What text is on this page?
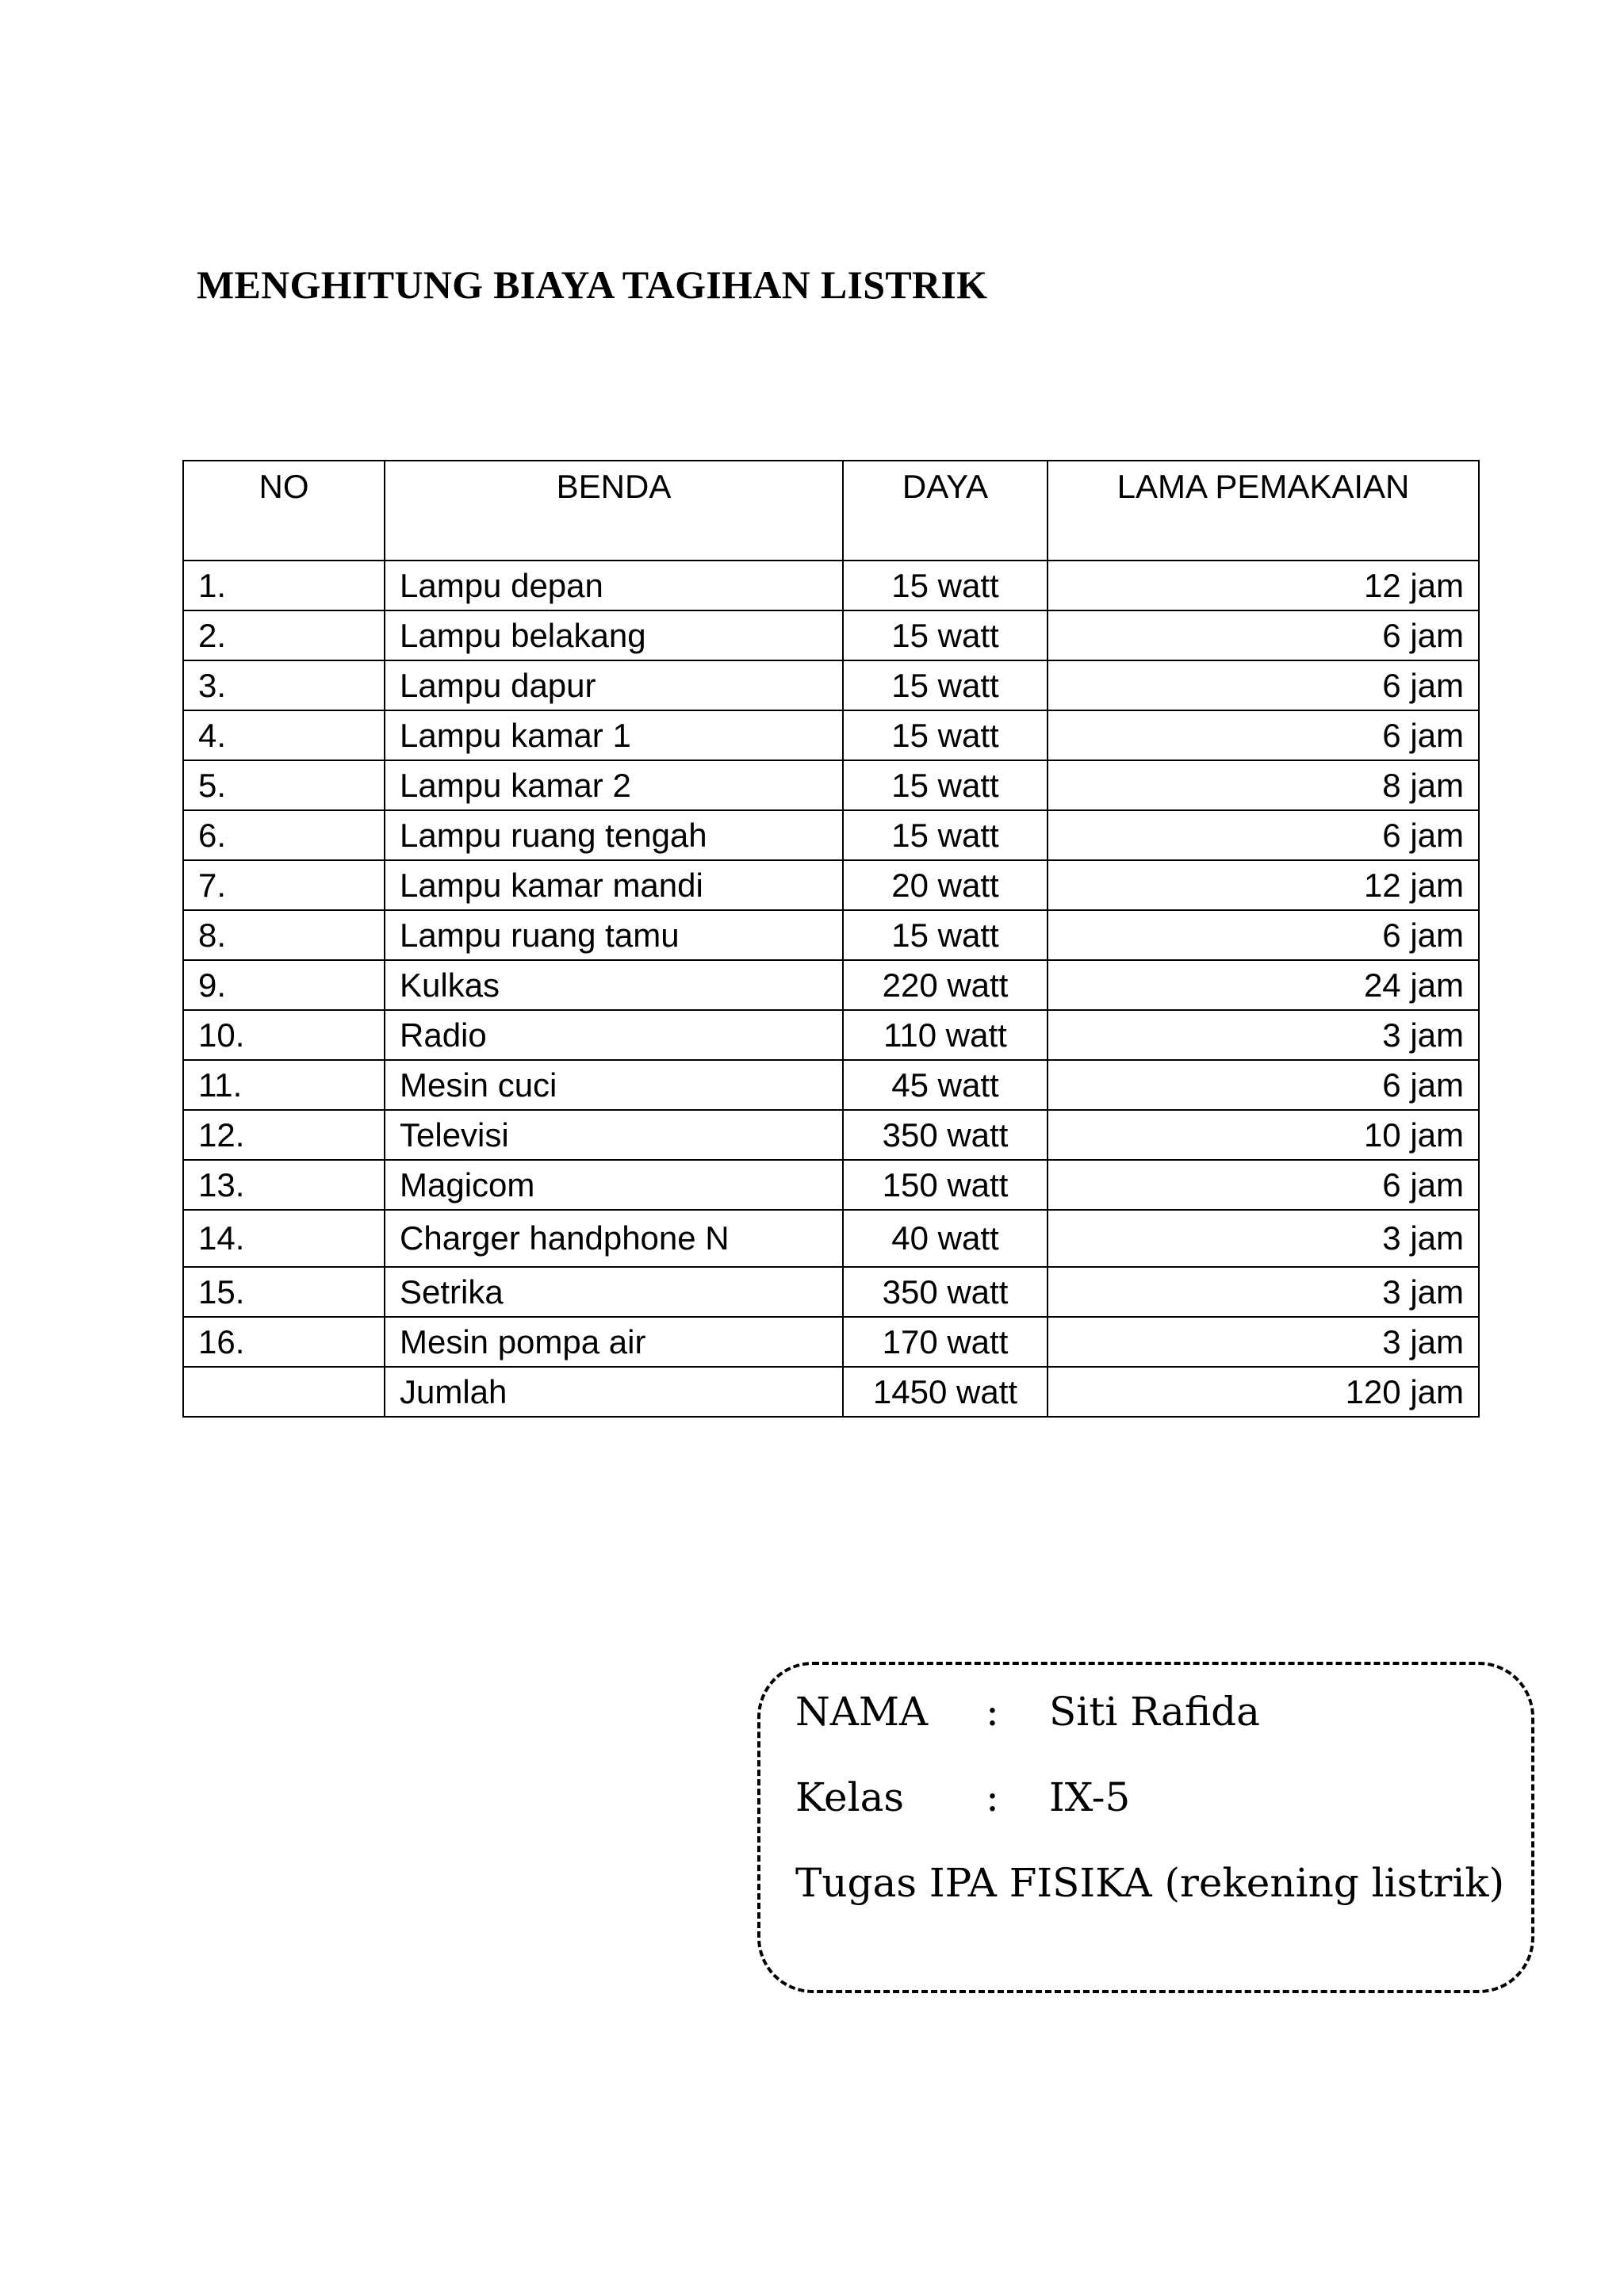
MENGHITUNG BIAYA TAGIHAN LISTRIK
NO	BENDA	DAYA	LAMA PEMAKAIAN
1.	Lampu depan	15 watt	12 jam
2.	Lampu belakang	15 watt	6 jam
3.	Lampu dapur	15 watt	6 jam
4.	Lampu kamar 1	15 watt	6 jam
5.	Lampu kamar 2	15 watt	8 jam
6.	Lampu ruang tengah	15 watt	6 jam
7.	Lampu kamar mandi	20 watt	12 jam
8.	Lampu ruang tamu	15 watt	6 jam
9.	Kulkas	220 watt	24 jam
10.	Radio	110 watt	3 jam
11.	Mesin cuci	45 watt	6 jam
12.	Televisi	350 watt	10 jam
13.	Magicom	150 watt	6 jam
14.	Charger handphone N	40 watt	3 jam
15.	Setrika	350 watt	3 jam
16.	Mesin pompa air	170 watt	3 jam
	Jumlah	1450 watt	120 jam
NAMA : Siti Rafida
Kelas : IX-5
Tugas IPA FISIKA (rekening listrik)
